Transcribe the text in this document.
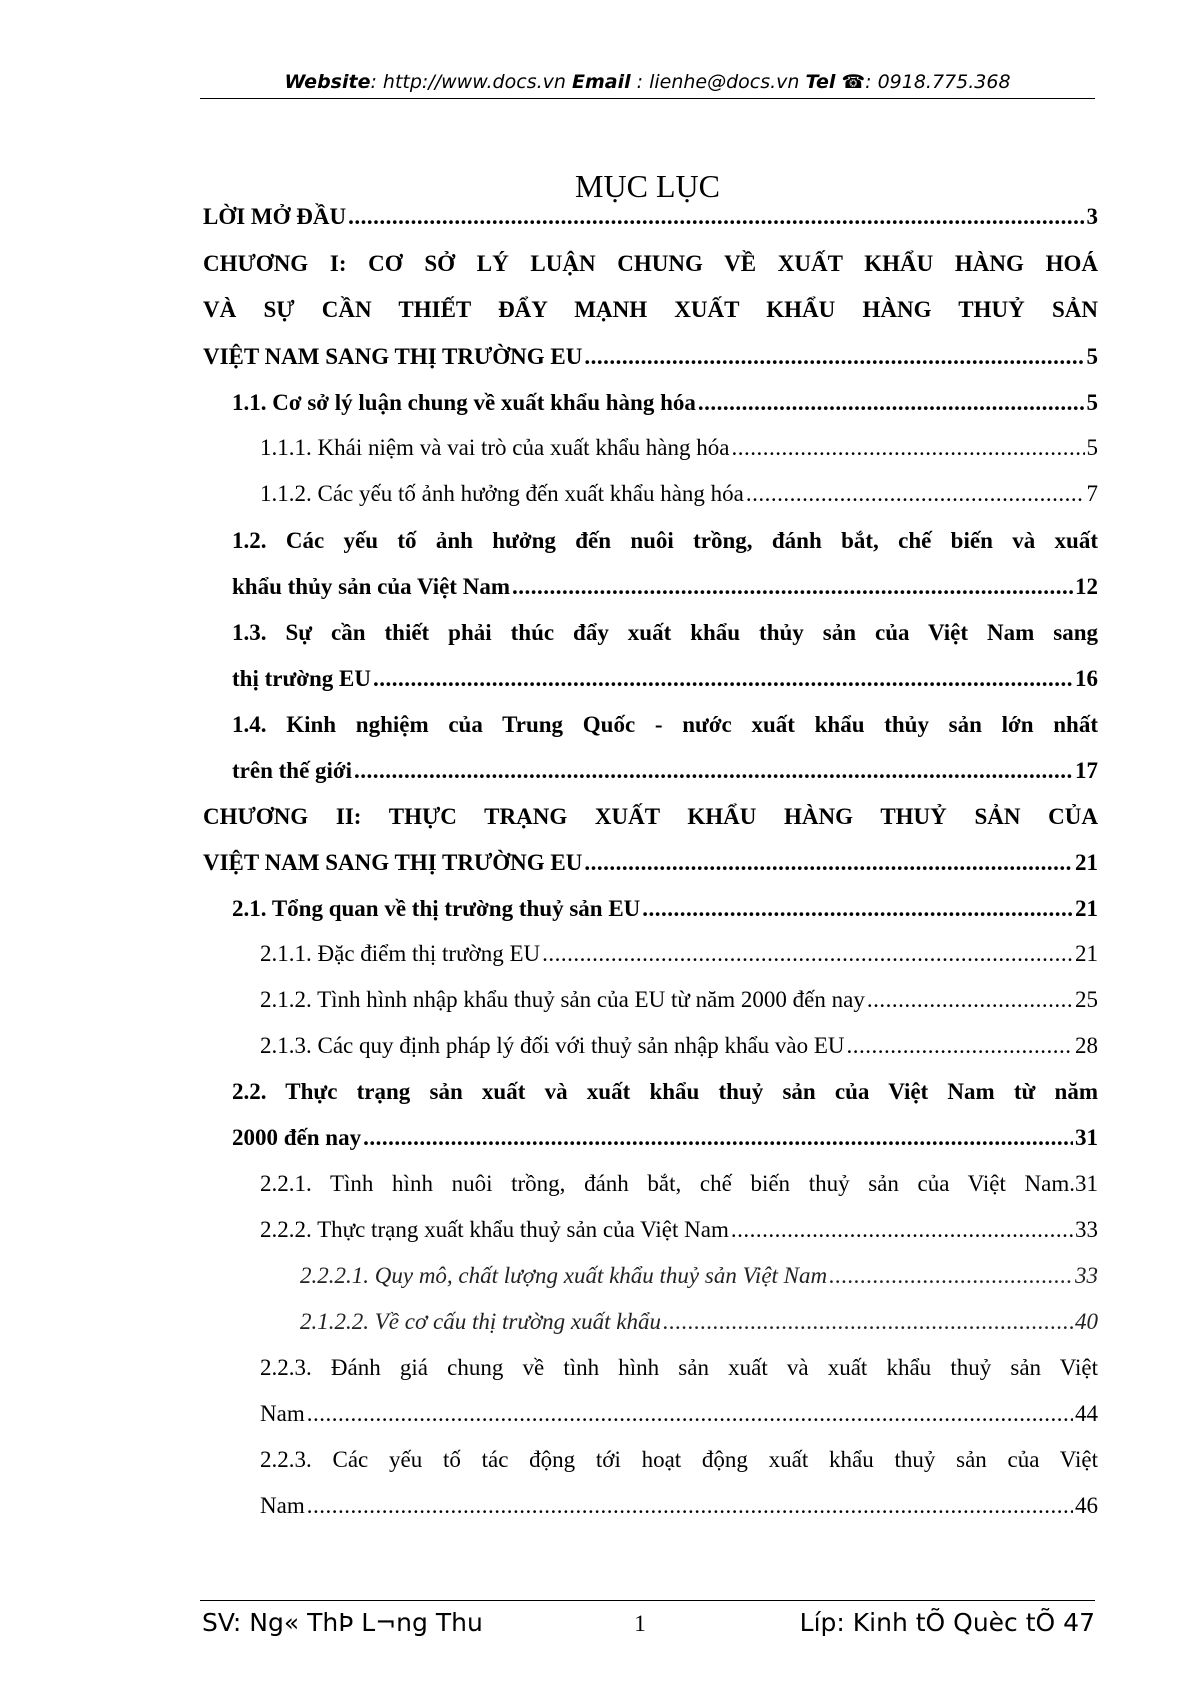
Website: http://www.docs.vn Email : lienhe@docs.vn Tel ☎: 0918.775.368
MỤC LỤC
LỜI MỞ ĐẦU .....	3
CHƯƠNG I: CƠ SỞ LÝ LUẬN CHUNG VỀ XUẤT KHẨU HÀNG HOÁ
VÀ SỰ CẦN THIẾT ĐẨY MẠNH XUẤT KHẨU HÀNG THUỶ SẢN
VIỆT NAM SANG THỊ TRƯỜNG EU .....	5
1.1. Cơ sở lý luận chung về xuất khẩu hàng hóa .....	5
1.1.1. Khái niệm và vai trò của xuất khẩu hàng hóa .....	5
1.1.2. Các yếu tố ảnh hưởng đến xuất khẩu hàng hóa .....	7
1.2. Các yếu tố ảnh hưởng đến nuôi trồng, đánh bắt, chế biến và xuất
khẩu thủy sản của Việt Nam .....	12
1.3. Sự cần thiết phải thúc đẩy xuất khẩu thủy sản của Việt Nam sang
thị trường EU .....	16
1.4. Kinh nghiệm của Trung Quốc - nước xuất khẩu thủy sản lớn nhất
trên thế giới .....	17
CHƯƠNG II: THỰC TRẠNG XUẤT KHẨU HÀNG THUỶ SẢN CỦA
VIỆT NAM SANG THỊ TRƯỜNG EU .....	21
2.1. Tổng quan về thị trường thuỷ sản EU .....	21
2.1.1. Đặc điểm thị trường EU .....	21
2.1.2. Tình hình nhập khẩu thuỷ sản của EU từ năm 2000 đến nay .....	25
2.1.3. Các quy định pháp lý đối với thuỷ sản nhập khẩu vào EU .....	28
2.2. Thực trạng sản xuất và xuất khẩu thuỷ sản của Việt Nam từ năm
2000 đến nay .....	31
2.2.1. Tình hình nuôi trồng, đánh bắt, chế biến thuỷ sản của Việt Nam.31
2.2.2. Thực trạng xuất khẩu thuỷ sản của Việt Nam .....	33
2.2.2.1. Quy mô, chất lượng xuất khẩu thuỷ sản Việt Nam .....	33
2.1.2.2. Về cơ cấu thị trường xuất khẩu .....	40
2.2.3. Đánh giá chung về tình hình sản xuất và xuất khẩu thuỷ sản Việt
Nam .....	44
2.2.3. Các yếu tố tác động tới hoạt động xuất khẩu thuỷ sản của Việt
Nam .....	46
SV: Ng« ThÞ L¬ng Thu	1	Líp: Kinh tÕ Quèc tÕ 47
